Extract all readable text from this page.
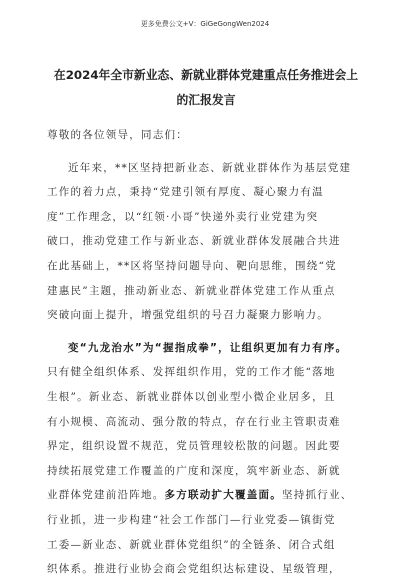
更多免费公文+V：GiGeGongWen2024
在2024年全市新业态、新就业群体党建重点任务推进会上
的汇报发言
尊敬的各位领导，同志们：
近年来，**区坚持把新业态、新就业群体作为基层党建
工作的着力点，秉持“党建引领有厚度、凝心聚力有温
度”工作理念，以“红领·小哥”快递外卖行业党建为突
破口，推动党建工作与新业态、新就业群体发展融合共进
在此基础上，**区将坚持问题导向、靶向思维，围绕“党
建惠民”主题，推动新业态、新就业群体党建工作从重点
突破向面上提升，增强党组织的号召力凝聚力影响力。
变“九龙治水”为“握指成拳”，让组织更加有力有序。
只有健全组织体系、发挥组织作用，党的工作才能“落地
生根”。新业态、新就业群体以创业型小微企业居多，且
有小规模、高流动、强分散的特点，存在行业主管职责难
界定，组织设置不规范，党员管理较松散的问题。因此要
持续拓展党建工作覆盖的广度和深度，筑牢新业态、新就
业群体党建前沿阵地。多方联动扩大覆盖面。坚持抓行业、
行业抓，进一步构建“社会工作部门—行业党委—镇街党
工委—新业态、新就业群体党组织”的全链条、闭合式组
织体系。推进行业协会商会党组织达标建设、星级管理，
